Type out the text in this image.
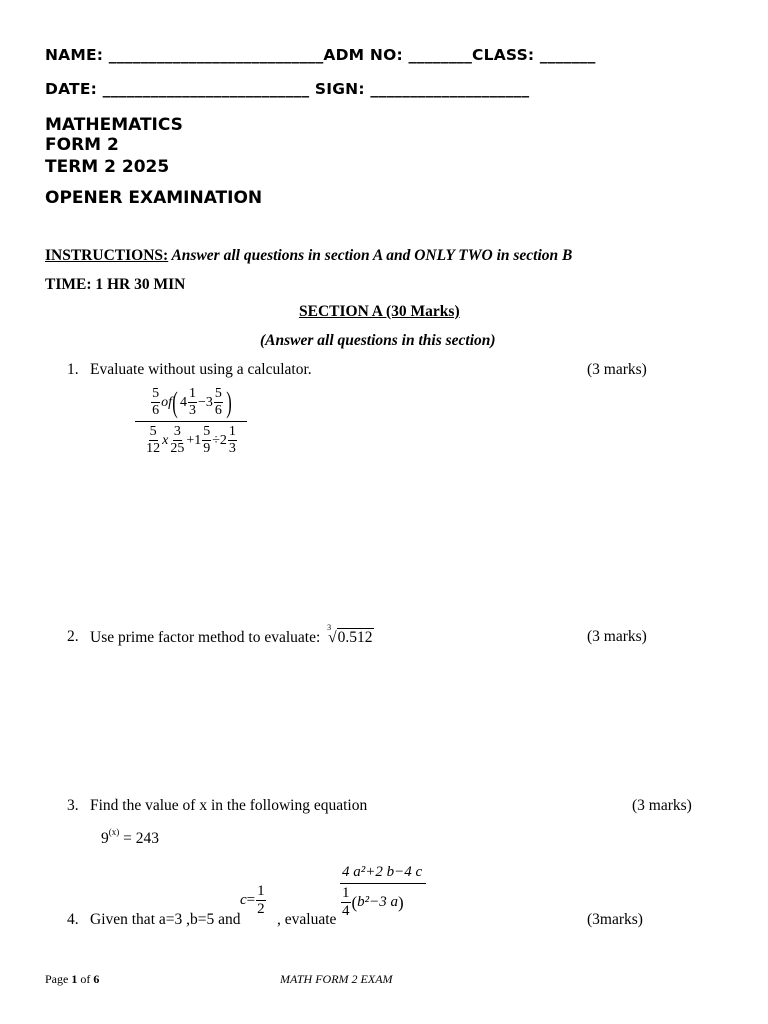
NAME: ___________________________ADM NO: ________CLASS: _______
DATE: __________________________ SIGN: ____________________
MATHEMATICS
FORM 2
TERM 2 2025
OPENER EXAMINATION
INSTRUCTIONS: Answer all questions in section A and ONLY TWO in section B
TIME: 1 HR 30 MIN
SECTION A (30 Marks)
(Answer all questions in this section)
1. Evaluate without using a calculator.	(3 marks)
5
6
of ( 4
1
3
−3
5
6 )
5
12
x
3
25
$+1 \frac{5}{9} \div 2$
1
3
2. Use prime factor method to evaluate:
3
√0.512	(3 marks)
3. Find the value of x in the following equation	(3 marks)
$9^{(x)} = 243$
4. Given that a=3 ,b=5 and
$c= \frac{1}{2}$
, evaluate
4 a²+2 b−4 c
1
4 ( b²−3 a )
(3marks)
Page 1 of 6	MATH FORM 2 EXAM
